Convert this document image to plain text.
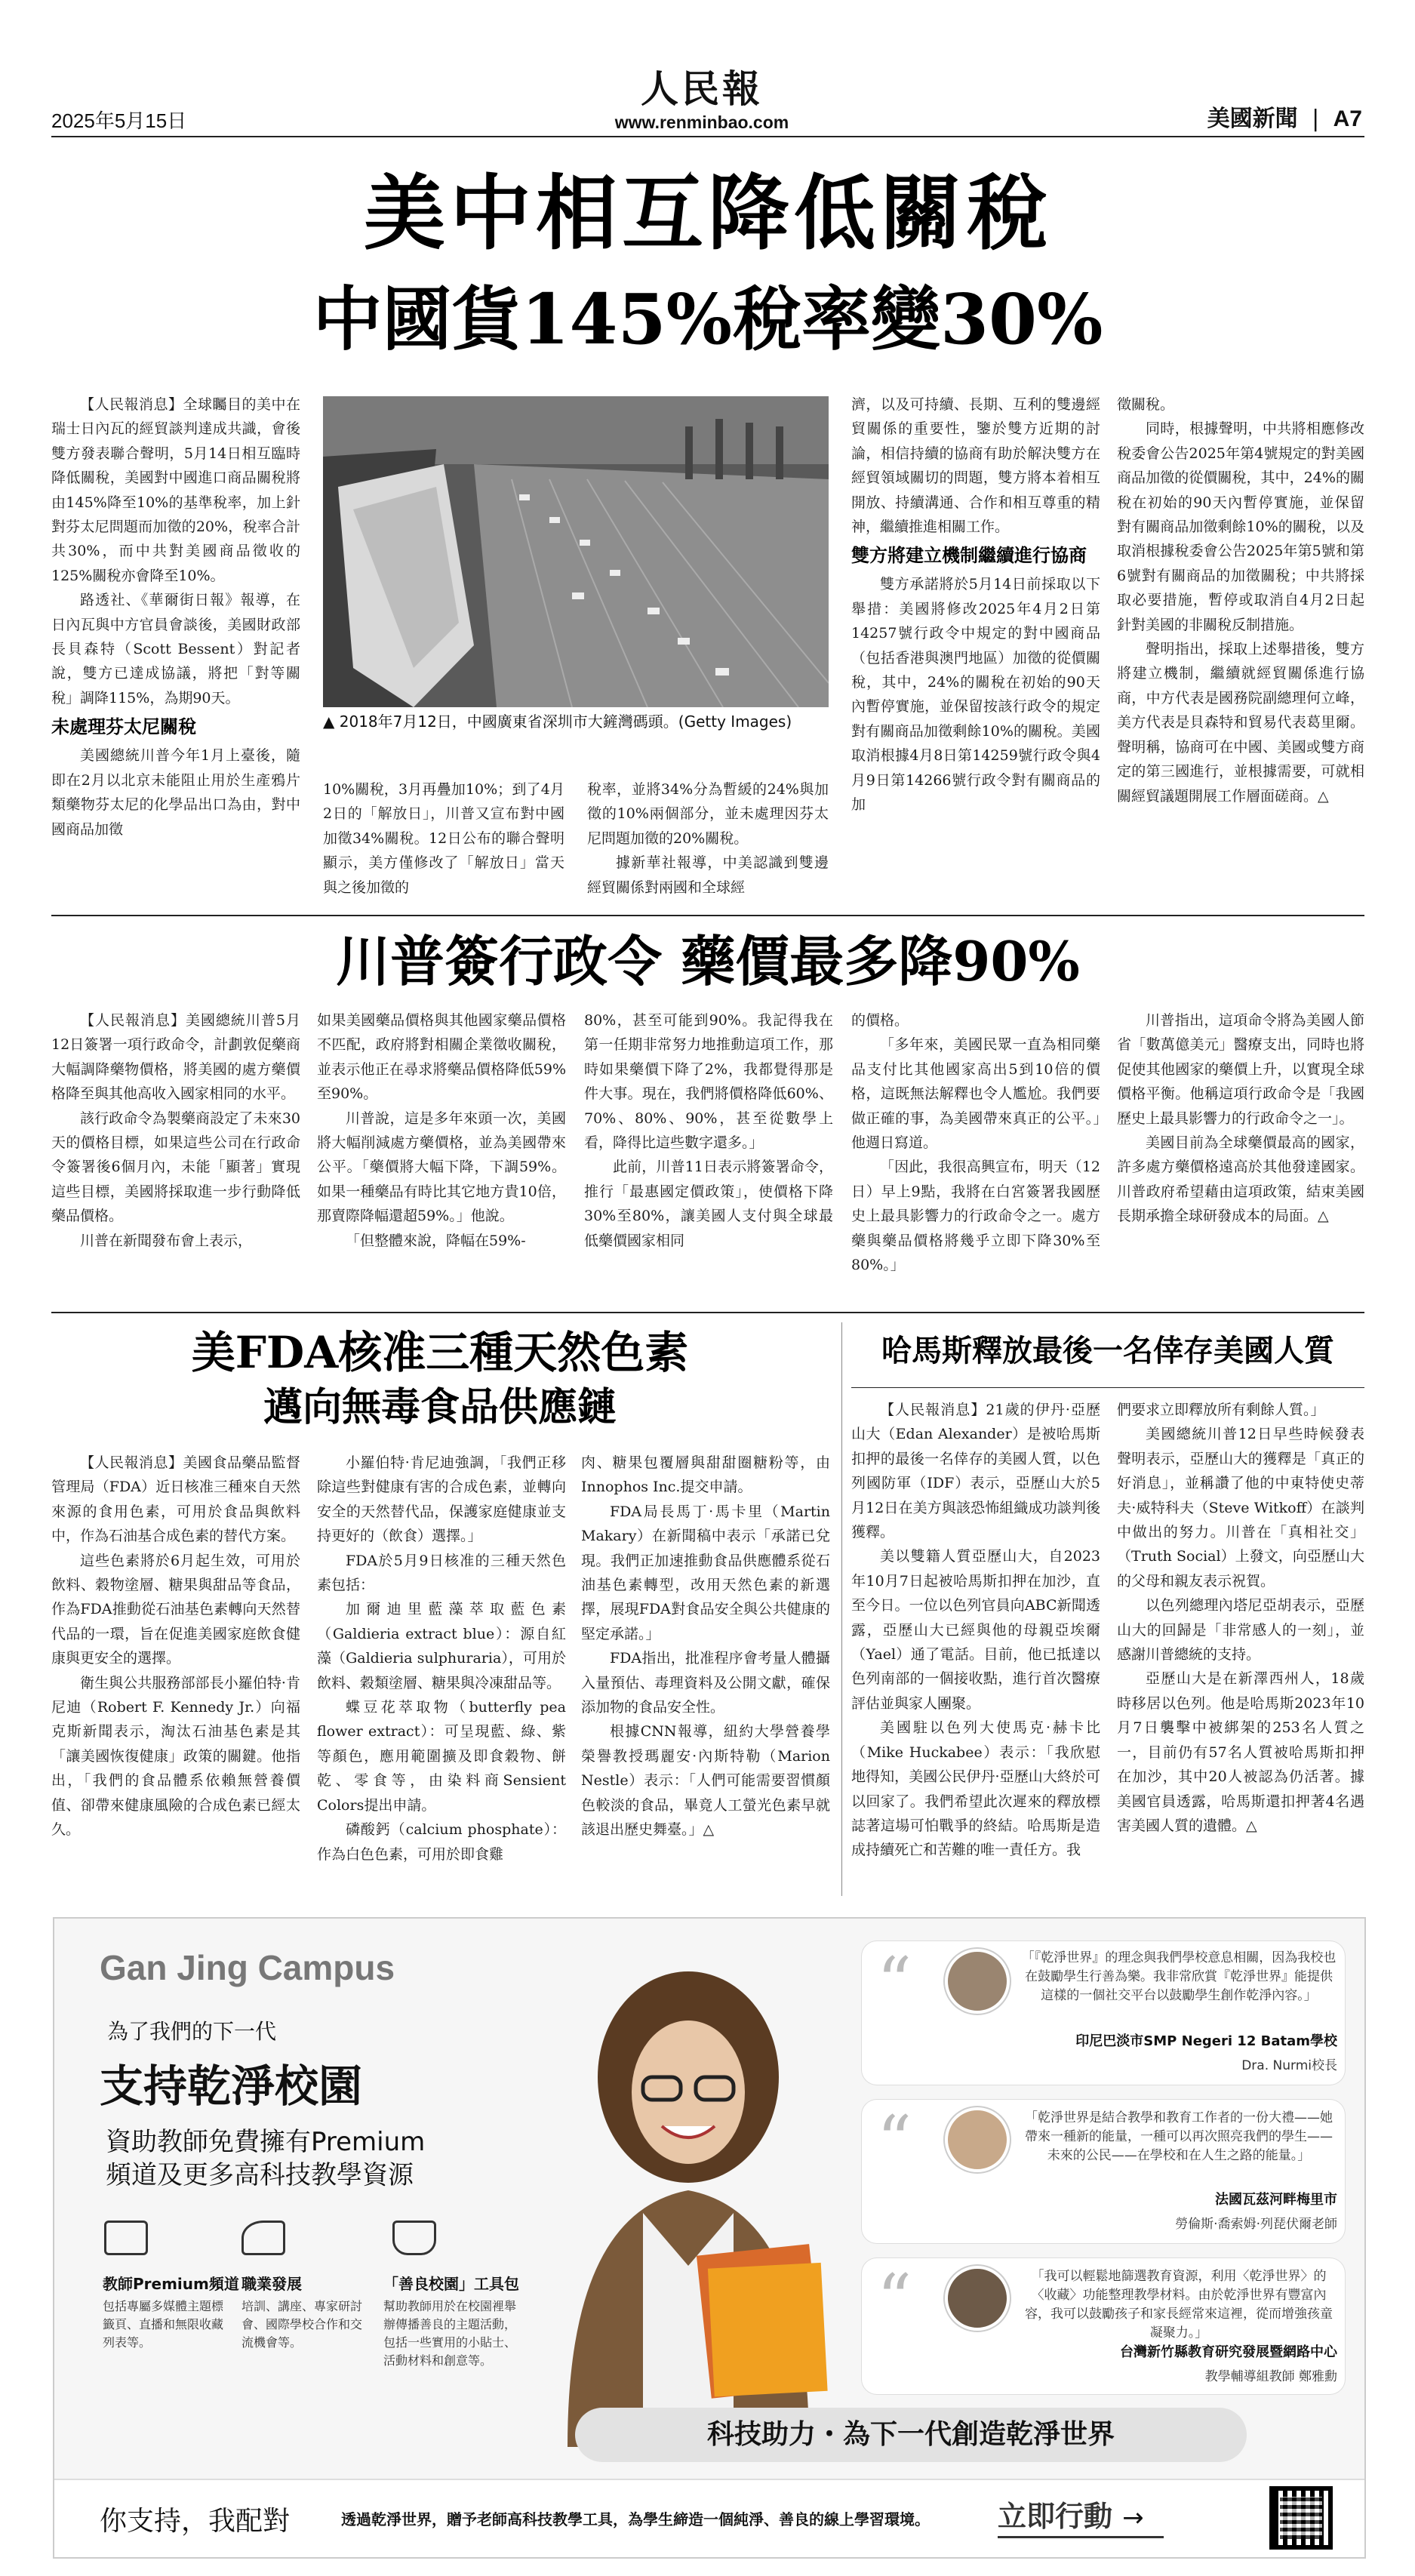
2025年5月15日
人民報
www.renminbao.com	美國新聞 | A7
美中相互降低關稅
中國貨145%稅率變30%

【人民報消息】全球矚目的美中在瑞士日內瓦的經貿談判達成共識，會後雙方發表聯合聲明，5月14日相互臨時降低關稅，美國對中國進口商品關稅將由145%降至10%的基準稅率，加上針對芬太尼問題而加徵的20%，稅率合計共30%，而中共對美國商品徵收的125%關稅亦會降至10%。

路透社、《華爾街日報》報導，在日內瓦與中方官員會談後，美國財政部長貝森特（Scott Bessent）對記者說，雙方已達成協議，將把「對等關稅」調降115%，為期90天。

未處理芬太尼關稅

美國總統川普今年1月上臺後，隨即在2月以北京未能阻止用於生產鴉片類藥物芬太尼的化學品出口為由，對中國商品加徵

▲ 2018年7月12日，中國廣東省深圳市大鏟灣碼頭。(Getty Images)

10%關稅，3月再疊加10%；到了4月2日的「解放日」，川普又宣布對中國加徵34%關稅。12日公布的聯合聲明顯示，美方僅修改了「解放日」當天與之後加徵的

稅率，並將34%分為暫緩的24%與加徵的10%兩個部分，並未處理因芬太尼問題加徵的20%關稅。

據新華社報導，中美認識到雙邊經貿關係對兩國和全球經

濟，以及可持續、長期、互利的雙邊經貿關係的重要性，鑒於雙方近期的討論，相信持續的協商有助於解決雙方在經貿領域關切的問題，雙方將本着相互開放、持續溝通、合作和相互尊重的精神，繼續推進相關工作。

雙方將建立機制繼續進行協商

雙方承諾將於5月14日前採取以下舉措：美國將修改2025年4月2日第14257號行政令中規定的對中國商品（包括香港與澳門地區）加徵的從價關稅，其中，24%的關稅在初始的90天內暫停實施，並保留按該行政令的規定對有關商品加徵剩餘10%的關稅。美國取消根據4月8日第14259號行政令與4月9日第14266號行政令對有關商品的加

徵關稅。

同時，根據聲明，中共將相應修改稅委會公告2025年第4號規定的對美國商品加徵的從價關稅，其中，24%的關稅在初始的90天內暫停實施，並保留對有關商品加徵剩餘10%的關稅，以及取消根據稅委會公告2025年第5號和第6號對有關商品的加徵關稅；中共將採取必要措施，暫停或取消自4月2日起針對美國的非關稅反制措施。

聲明指出，採取上述舉措後，雙方將建立機制，繼續就經貿關係進行協商，中方代表是國務院副總理何立峰，美方代表是貝森特和貿易代表葛里爾。聲明稱，協商可在中國、美國或雙方商定的第三國進行，並根據需要，可就相關經貿議題開展工作層面磋商。△

川普簽行政令 藥價最多降90%

【人民報消息】美國總統川普5月12日簽署一項行政命令，計劃敦促藥商大幅調降藥物價格，將美國的處方藥價格降至與其他高收入國家相同的水平。

該行政命令為製藥商設定了未來30天的價格目標，如果這些公司在行政命令簽署後6個月內，未能「顯著」實現這些目標，美國將採取進一步行動降低藥品價格。

川普在新聞發布會上表示，

如果美國藥品價格與其他國家藥品價格不匹配，政府將對相關企業徵收關稅，並表示他正在尋求將藥品價格降低59%至90%。

川普說，這是多年來頭一次，美國將大幅削減處方藥價格，並為美國帶來公平。「藥價將大幅下降，下調59%。如果一種藥品有時比其它地方貴10倍，那賣際降幅還超59%。」他說。

「但整體來說，降幅在59%-

80%，甚至可能到90%。我記得我在第一任期非常努力地推動這項工作，那時如果藥價下降了2%，我都覺得那是件大事。現在，我們將價格降低60%、70%、80%、90%，甚至從數學上看，降得比這些數字還多。」

此前，川普11日表示將簽署命令，推行「最惠國定價政策」，使價格下降30%至80%，讓美國人支付與全球最低藥價國家相同

的價格。

「多年來，美國民眾一直為相同藥品支付比其他國家高出5到10倍的價格，這既無法解釋也令人尷尬。我們要做正確的事，為美國帶來真正的公平。」他週日寫道。

「因此，我很高興宣布，明天（12日）早上9點，我將在白宮簽署我國歷史上最具影響力的行政命令之一。處方藥與藥品價格將幾乎立即下降30%至80%。」

川普指出，這項命令將為美國人節省「數萬億美元」醫療支出，同時也將促使其他國家的藥價上升，以實現全球價格平衡。他稱這項行政命令是「我國歷史上最具影響力的行政命令之一」。

美國目前為全球藥價最高的國家，許多處方藥價格遠高於其他發達國家。川普政府希望藉由這項政策，結束美國長期承擔全球研發成本的局面。△

美FDA核准三種天然色素
邁向無毒食品供應鏈

【人民報消息】美國食品藥品監督管理局（FDA）近日核准三種來自天然來源的食用色素，可用於食品與飲料中，作為石油基合成色素的替代方案。

這些色素將於6月起生效，可用於飲料、穀物塗層、糖果與甜品等食品，作為FDA推動從石油基色素轉向天然替代品的一環，旨在促進美國家庭飲食健康與更安全的選擇。

衛生與公共服務部部長小羅伯特·肯尼迪（Robert F. Kennedy Jr.）向福克斯新聞表示，淘汰石油基色素是其「讓美國恢復健康」政策的關鍵。他指出，「我們的食品體系依賴無營養價值、卻帶來健康風險的合成色素已經太久。

小羅伯特·肯尼迪強調，「我們正移除這些對健康有害的合成色素，並轉向安全的天然替代品，保護家庭健康並支持更好的（飲食）選擇。」

FDA於5月9日核准的三種天然色素包括：

加爾迪里藍藻萃取藍色素（Galdieria extract blue）：源自紅藻（Galdieria sulphuraria），可用於飲料、穀類塗層、糖果與冷凍甜品等。

蝶豆花萃取物（butterfly pea flower extract）：可呈現藍、綠、紫等顏色，應用範圍擴及即食穀物、餅乾、零食等，由染料商Sensient Colors提出申請。

磷酸鈣（calcium phosphate）：作為白色色素，可用於即食雞

肉、糖果包覆層與甜甜圈糖粉等，由Innophos Inc.提交申請。

FDA局長馬丁·馬卡里（Martin Makary）在新聞稿中表示「承諾已兌現。我們正加速推動食品供應體系從石油基色素轉型，改用天然色素的新選擇，展現FDA對食品安全與公共健康的堅定承諾。」

FDA指出，批准程序會考量人體攝入量預估、毒理資料及公開文獻，確保添加物的食品安全性。

根據CNN報導，紐約大學營養學榮譽教授瑪麗安·內斯特勒（Marion Nestle）表示：「人們可能需要習慣顏色較淡的食品，畢竟人工螢光色素早就該退出歷史舞臺。」△

哈馬斯釋放最後一名倖存美國人質

【人民報消息】21歲的伊丹·亞歷山大（Edan Alexander）是被哈馬斯扣押的最後一名倖存的美國人質，以色列國防軍（IDF）表示，亞歷山大於5月12日在美方與該恐怖組織成功談判後獲釋。

美以雙籍人質亞歷山大，自2023年10月7日起被哈馬斯扣押在加沙，直至今日。一位以色列官員向ABC新聞透露，亞歷山大已經與他的母親亞埃爾（Yael）通了電話。目前，他已抵達以色列南部的一個接收點，進行首次醫療評估並與家人團聚。

美國駐以色列大使馬克·赫卡比（Mike Huckabee）表示：「我欣慰地得知，美國公民伊丹·亞歷山大終於可以回家了。我們希望此次遲來的釋放標誌著這場可怕戰爭的終結。哈馬斯是造成持續死亡和苦難的唯一責任方。我

們要求立即釋放所有剩餘人質。」

美國總統川普12日早些時候發表聲明表示，亞歷山大的獲釋是「真正的好消息」，並稱讚了他的中東特使史蒂夫·威特科夫（Steve Witkoff）在談判中做出的努力。川普在「真相社交」（Truth Social）上發文，向亞歷山大的父母和親友表示祝賀。

以色列總理內塔尼亞胡表示，亞歷山大的回歸是「非常感人的一刻」，並感謝川普總統的支持。

亞歷山大是在新澤西州人，18歲時移居以色列。他是哈馬斯2023年10月7日襲擊中被綁架的253名人質之一，目前仍有57名人質被哈馬斯扣押在加沙，其中20人被認為仍活著。據美國官員透露，哈馬斯還扣押著4名遇害美國人質的遺體。△

Gan Jing Campus
為了我們的下一代
支持乾淨校園
資助教師免費擁有Premium
頻道及更多高科技教學資源
教師Premium頻道
包括專屬多媒體主題標籤頁、直播和無限收藏列表等。
職業發展
培訓、講座、專家研討會、國際學校合作和交流機會等。
「善良校園」工具包
幫助教師用於在校園裡舉辦傳播善良的主題活動，包括一些實用的小貼士、活動材料和創意等。
“	「『乾淨世界』的理念與我們學校意息相關，因為我校也在鼓勵學生行善為樂。我非常欣賞『乾淨世界』能提供這樣的一個社交平台以鼓勵學生創作乾淨內容。」
印尼巴淡市SMP Negeri 12 Batam學校
Dra. Nurmi校長
“	「乾淨世界是結合教學和教育工作者的一份大禮——她帶來一種新的能量，一種可以再次照亮我們的學生——未來的公民——在學校和在人生之路的能量。」
法國瓦茲河畔梅里市
勞倫斯·喬索姆·列琵伏爾老師
“	「我可以輕鬆地篩選教育資源，利用〈乾淨世界〉的〈收藏〉功能整理教學材料。由於乾淨世界有豐富內容，我可以鼓勵孩子和家長經常來這裡，從而增強孩童凝聚力。」
台灣新竹縣教育研究發展暨網路中心
教學輔導組教師 鄭雅勳
科技助力・為下一代創造乾淨世界
你支持，我配對	透過乾淨世界，贈予老師高科技教學工具，為學生締造一個純淨、善良的線上學習環境。 立即行動 →
